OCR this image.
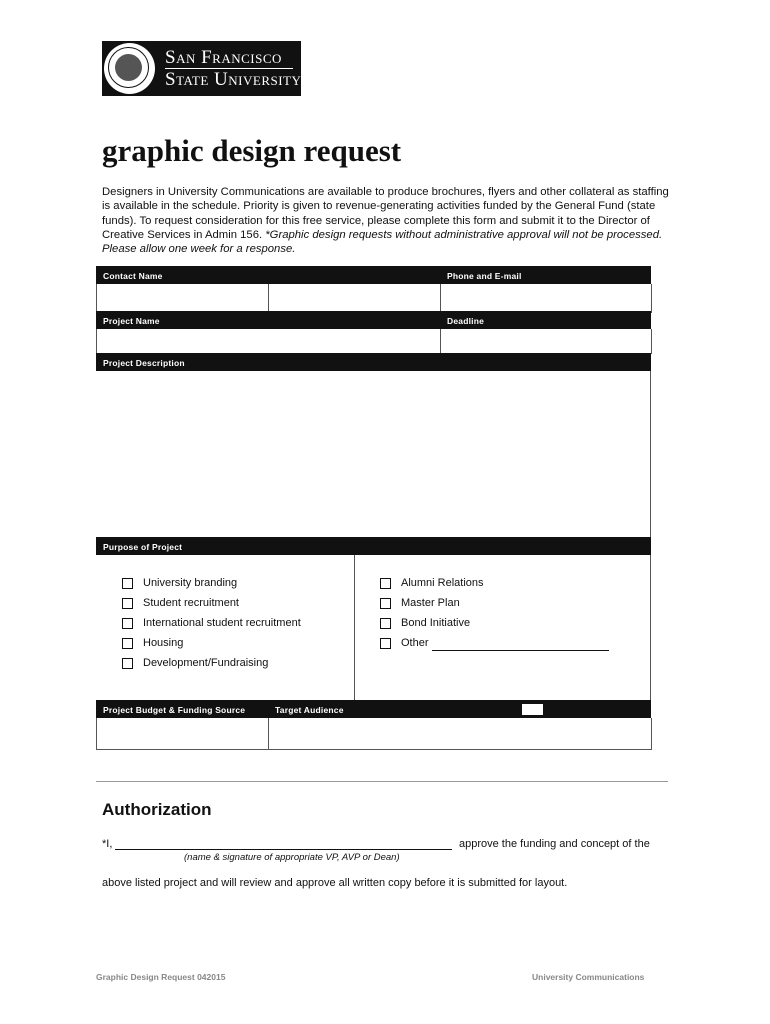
San Francisco
State University
graphic design request
Designers in University Communications are available to produce brochures, flyers and other collateral as staffing is available in the schedule. Priority is given to revenue-generating activities funded by the General Fund (state funds). To request consideration for this free service, please complete this form and submit it to the Director of Creative Services in Admin 156. *Graphic design requests without administrative approval will not be processed. Please allow one week for a response.
Contact Name	Phone and E-mail
Project Name	Deadline
Project Description
Purpose of Project
University branding
Student recruitment
International student recruitment
Housing
Development/Fundraising
Alumni Relations
Master Plan
Bond Initiative
Other
Project Budget & Funding Source	Target Audience
Authorization
*I,	approve the funding and concept of the
(name & signature of appropriate VP, AVP or Dean)
above listed project and will review and approve all written copy before it is submitted for layout.
Graphic Design Request 042015	University Communications
